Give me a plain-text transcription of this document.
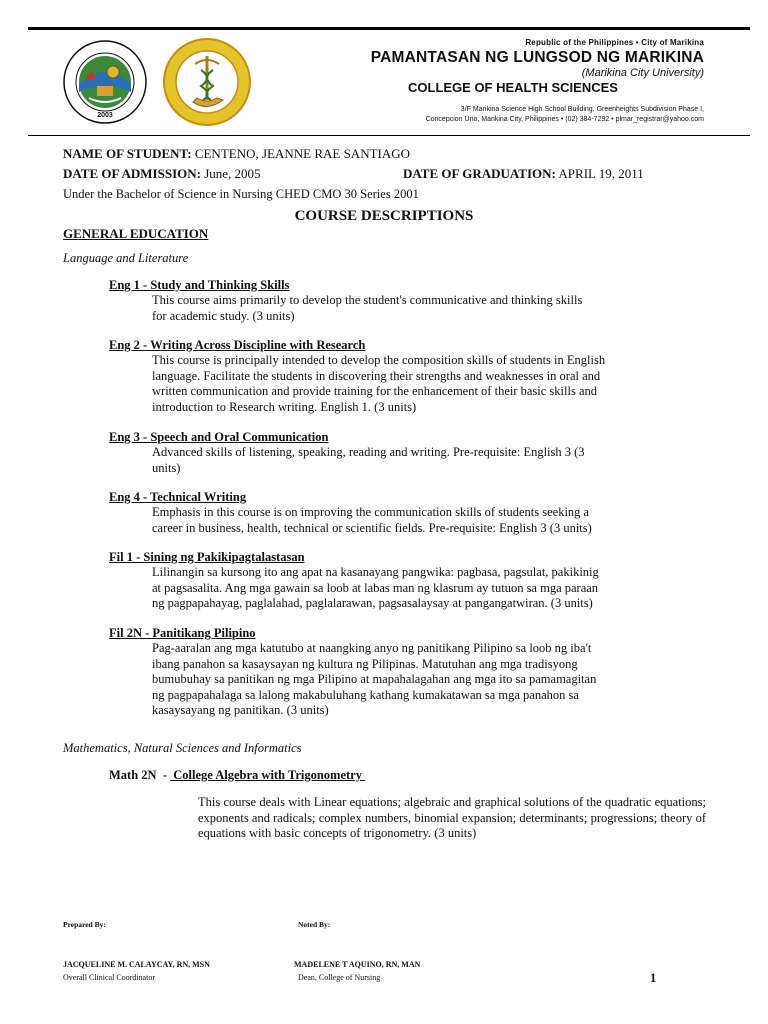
2003
Republic of the Philippines • City of Marikina
PAMANTASAN NG LUNGSOD NG MARIKINA
(Marikina City University)
COLLEGE OF HEALTH SCIENCES
3/F Marikina Science High School Building, Greenheights Subdivision Phase I,
Concepcion Uno, Marikina City, Philippines • (02) 384-7292 • plmar_registrar@yahoo.com
NAME OF STUDENT: CENTENO, JEANNE RAE SANTIAGO
DATE OF ADMISSION: June, 2005	DATE OF GRADUATION: APRIL 19, 2011
Under the Bachelor of Science in Nursing CHED CMO 30 Series 2001
COURSE DESCRIPTIONS
GENERAL EDUCATION
Language and Literature
Eng 1 - Study and Thinking Skills
This course aims primarily to develop the student's communicative and thinking skills
for academic study. (3 units)
Eng 2 - Writing Across Discipline with Research
This course is principally intended to develop the composition skills of students in English
language. Facilitate the students in discovering their strengths and weaknesses in oral and
written communication and provide training for the enhancement of their basic skills and
introduction to Research writing. English 1. (3 units)
Eng 3 - Speech and Oral Communication
Advanced skills of listening, speaking, reading and writing. Pre-requisite: English 3 (3
units)
Eng 4 - Technical Writing
Emphasis in this course is on improving the communication skills of students seeking a
career in business, health, technical or scientific fields. Pre-requisite: English 3 (3 units)
Fil 1 - Sining ng Pakikipagtalastasan
Lilinangin sa kursong ito ang apat na kasanayang pangwika: pagbasa, pagsulat, pakikinig
at pagsasalita. Ang mga gawain sa loob at labas man ng klasrum ay tutuon sa mga paraan
ng pagpapahayag, paglalahad, paglalarawan, pagsasalaysay at pangangatwiran. (3 units)
Fil 2N - Panitikang Pilipino
Pag-aaralan ang mga katutubo at naangking anyo ng panitikang Pilipino sa loob ng iba't
ibang panahon sa kasaysayan ng kultura ng Pilipinas. Matutuhan ang mga tradisyong
bumubuhay sa panitikan ng mga Pilipino at mapahalagahan ang mga ito sa pamamagitan
ng pagpapahalaga sa lalong makabuluhang kathang kumakatawan sa mga panahon sa
kasaysayang ng panitikan. (3 units)
Mathematics, Natural Sciences and Informatics
Math 2N  -  College Algebra with Trigonometry
This course deals with Linear equations; algebraic and graphical solutions of the quadratic equations; exponents and radicals; complex numbers, binomial expansion; determinants; progressions; theory of equations with basic concepts of trigonometry. (3 units)
Prepared By:	Noted By:
JACQUELINE M. CALAYCAY, RN, MSN
Overall Clinical Coordinator
MADELENE T AQUINO, RN, MAN
Dean, College of Nursing	1
